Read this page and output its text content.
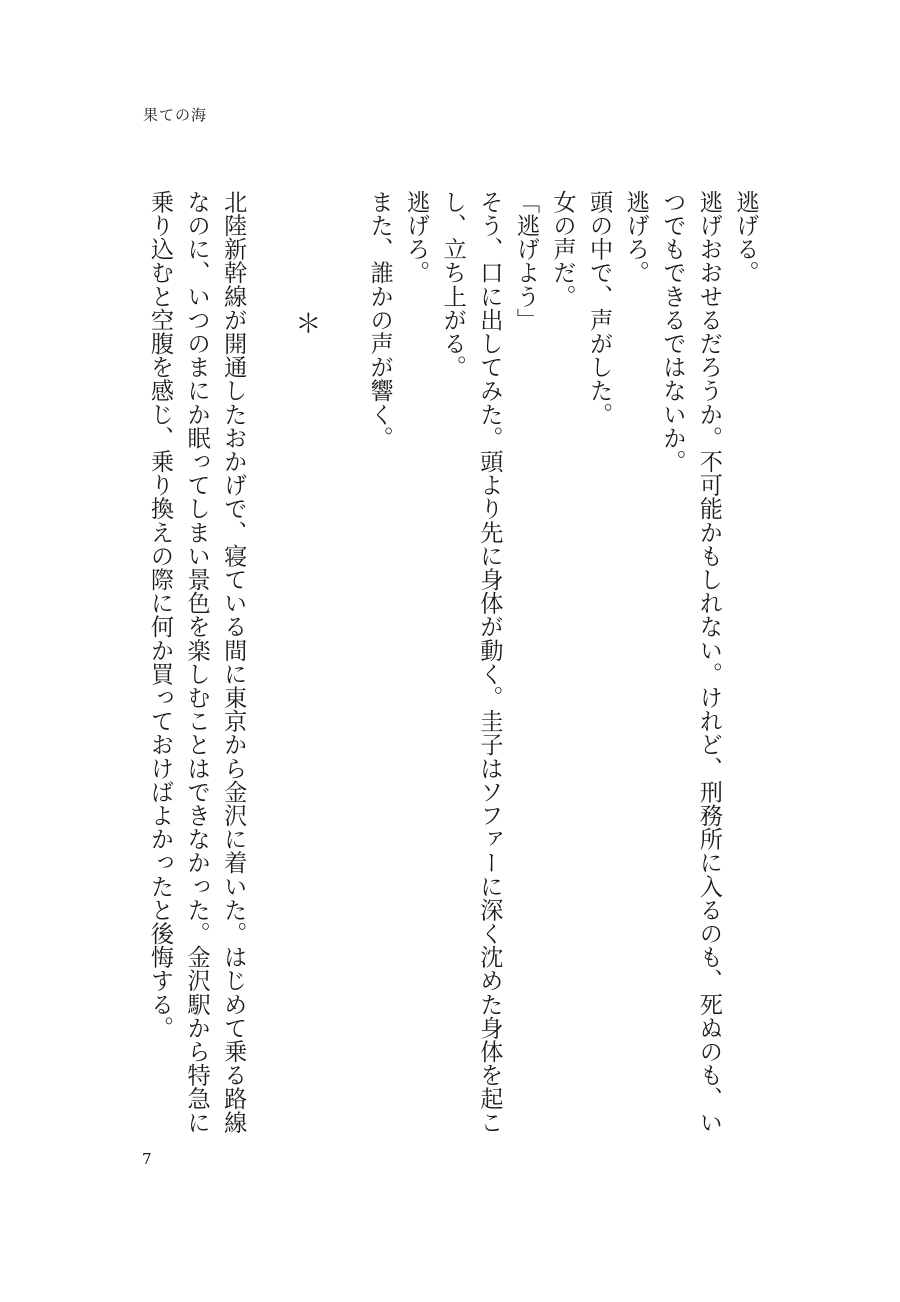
果ての海
逃げる。
逃げおおせるだろうか。不可能かもしれない。けれど、刑務所に入るのも、死ぬのも、いつでもできるではないか。
逃げろ。
頭の中で、声がした。
女の声だ。
「逃げよう」
そう、口に出してみた。頭より先に身体が動く。圭子はソファーに深く沈めた身体を起こし、立ち上がる。
逃げろ。
また、誰かの声が響く。

＊

北陸新幹線が開通したおかげで、寝ている間に東京から金沢に着いた。はじめて乗る路線なのに、いつのまにか眠ってしまい景色を楽しむことはできなかった。金沢駅から特急に乗り込むと空腹を感じ、乗り換えの際に何か買っておけばよかったと後悔する。
7
